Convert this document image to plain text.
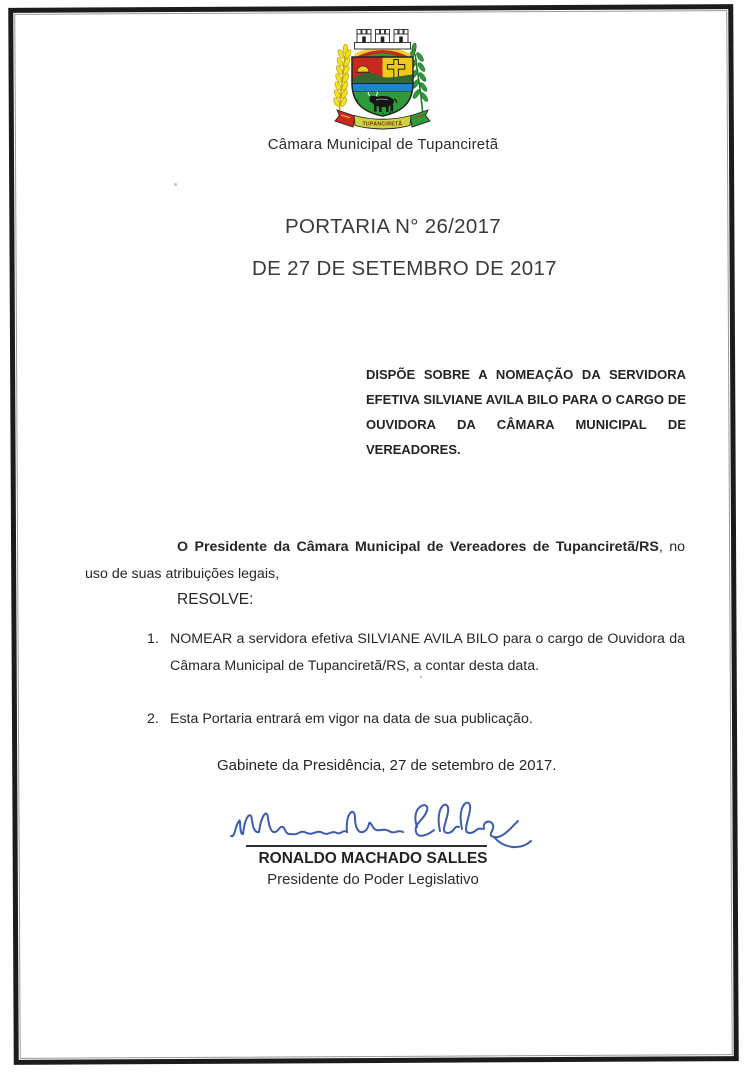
TUPANCIRETÃ
Câmara Municipal de Tupanciretã
PORTARIA N° 26/2017
DE 27 DE SETEMBRO DE 2017
DISPÕE SOBRE A NOMEAÇÃO DA SERVIDORA EFETIVA SILVIANE AVILA BILO PARA O CARGO DE OUVIDORA DA CÂMARA MUNICIPAL DE VEREADORES.

O Presidente da Câmara Municipal de Vereadores de Tupanciretã/RS, no uso de suas atribuições legais,

RESOLVE:
1. NOMEAR a servidora efetiva SILVIANE AVILA BILO para o cargo de Ouvidora da Câmara Municipal de Tupanciretã/RS, a contar desta data.
2. Esta Portaria entrará em vigor na data de sua publicação.
Gabinete da Presidência, 27 de setembro de 2017.
RONALDO MACHADO SALLES
Presidente do Poder Legislativo
